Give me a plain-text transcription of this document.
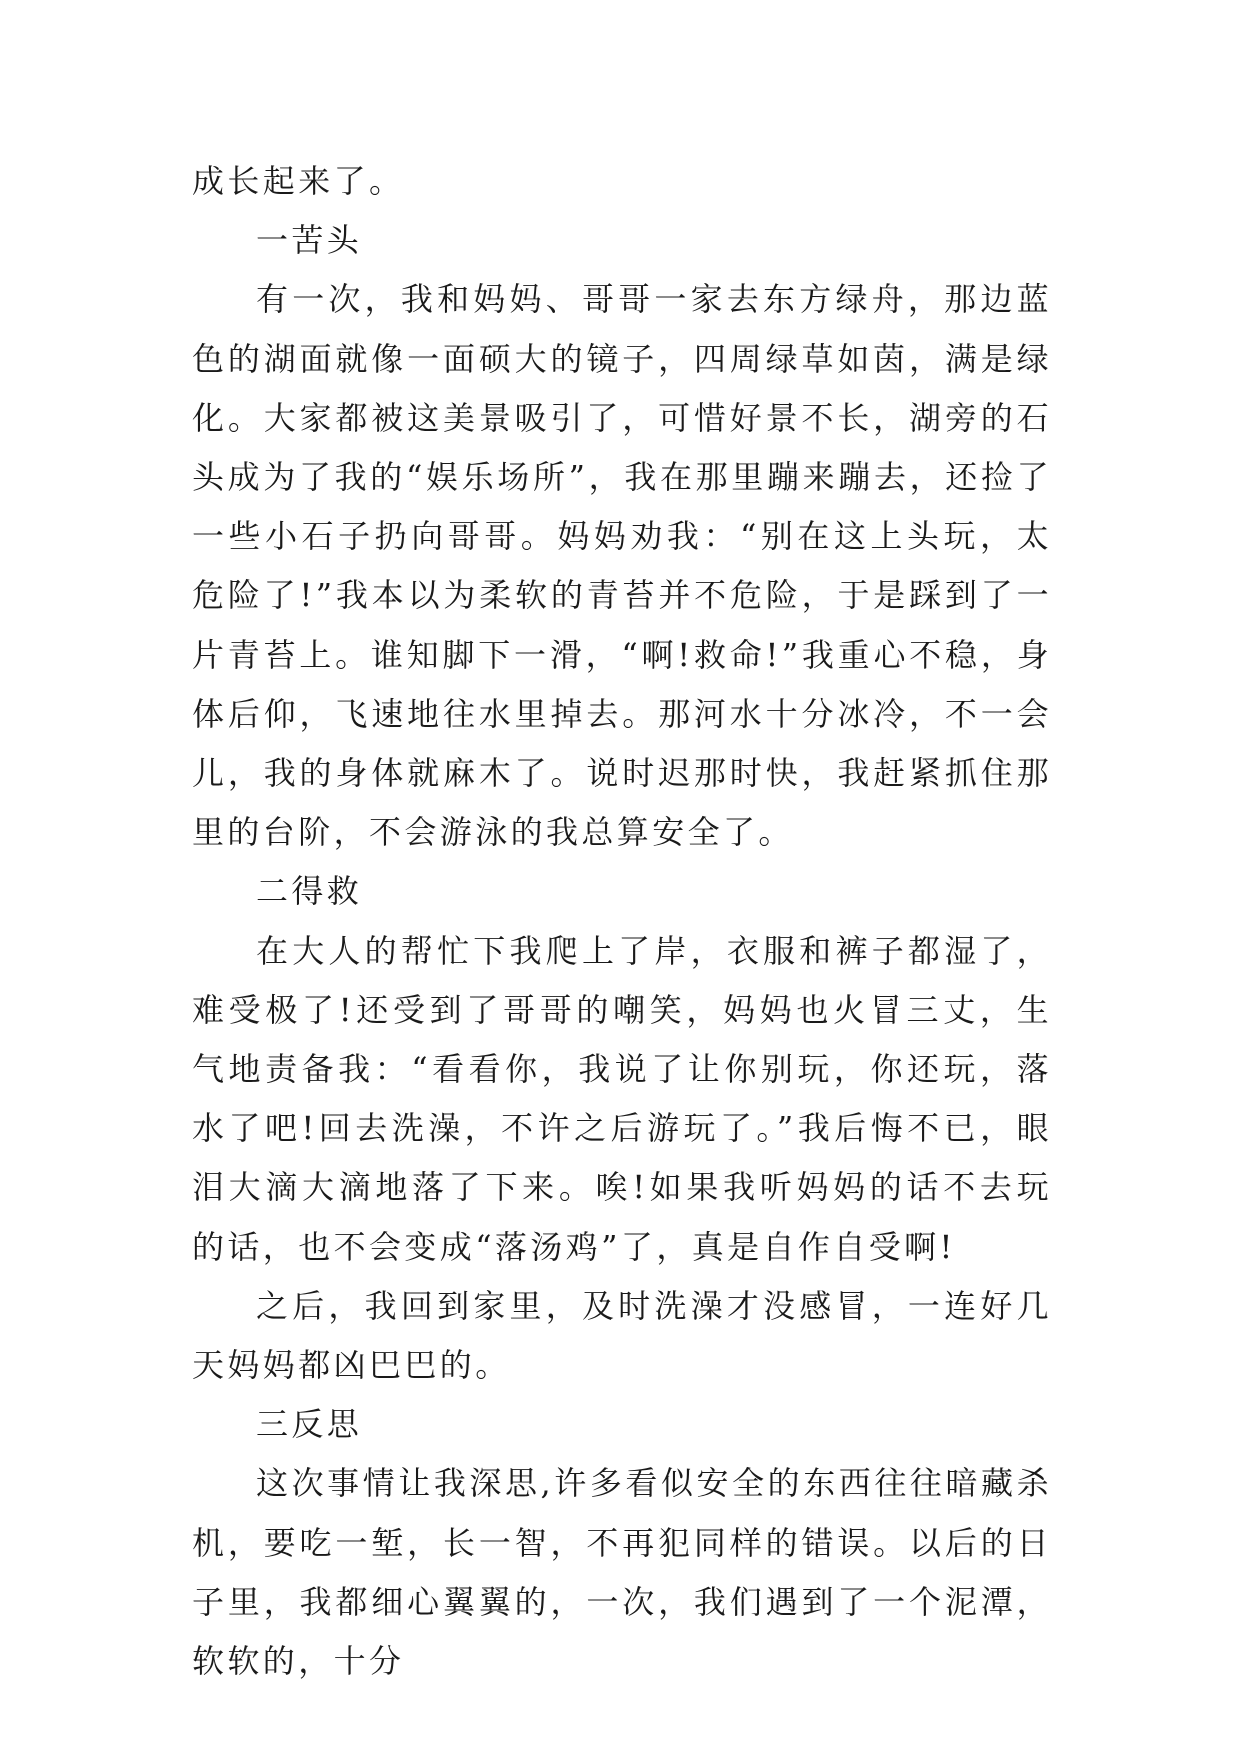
成长起来了。

一苦头

有一次，我和妈妈、哥哥一家去东方绿舟，那边蓝色的湖面就像一面硕大的镜子，四周绿草如茵，满是绿化。大家都被这美景吸引了，可惜好景不长，湖旁的石头成为了我的“娱乐场所”，我在那里蹦来蹦去，还捡了一些小石子扔向哥哥。妈妈劝我：“别在这上头玩，太危险了!”我本以为柔软的青苔并不危险，于是踩到了一片青苔上。谁知脚下一滑，“啊!救命!”我重心不稳，身体后仰，飞速地往水里掉去。那河水十分冰冷，不一会儿，我的身体就麻木了。说时迟那时快，我赶紧抓住那里的台阶，不会游泳的我总算安全了。

二得救

在大人的帮忙下我爬上了岸，衣服和裤子都湿了，难受极了!还受到了哥哥的嘲笑，妈妈也火冒三丈，生气地责备我：“看看你，我说了让你别玩，你还玩，落水了吧!回去洗澡，不许之后游玩了。”我后悔不已，眼泪大滴大滴地落了下来。唉!如果我听妈妈的话不去玩的话，也不会变成“落汤鸡”了，真是自作自受啊!

之后，我回到家里，及时洗澡才没感冒，一连好几天妈妈都凶巴巴的。

三反思

这次事情让我深思,许多看似安全的东西往往暗藏杀机，要吃一堑，长一智，不再犯同样的错误。以后的日子里，我都细心翼翼的，一次，我们遇到了一个泥潭，软软的，十分
